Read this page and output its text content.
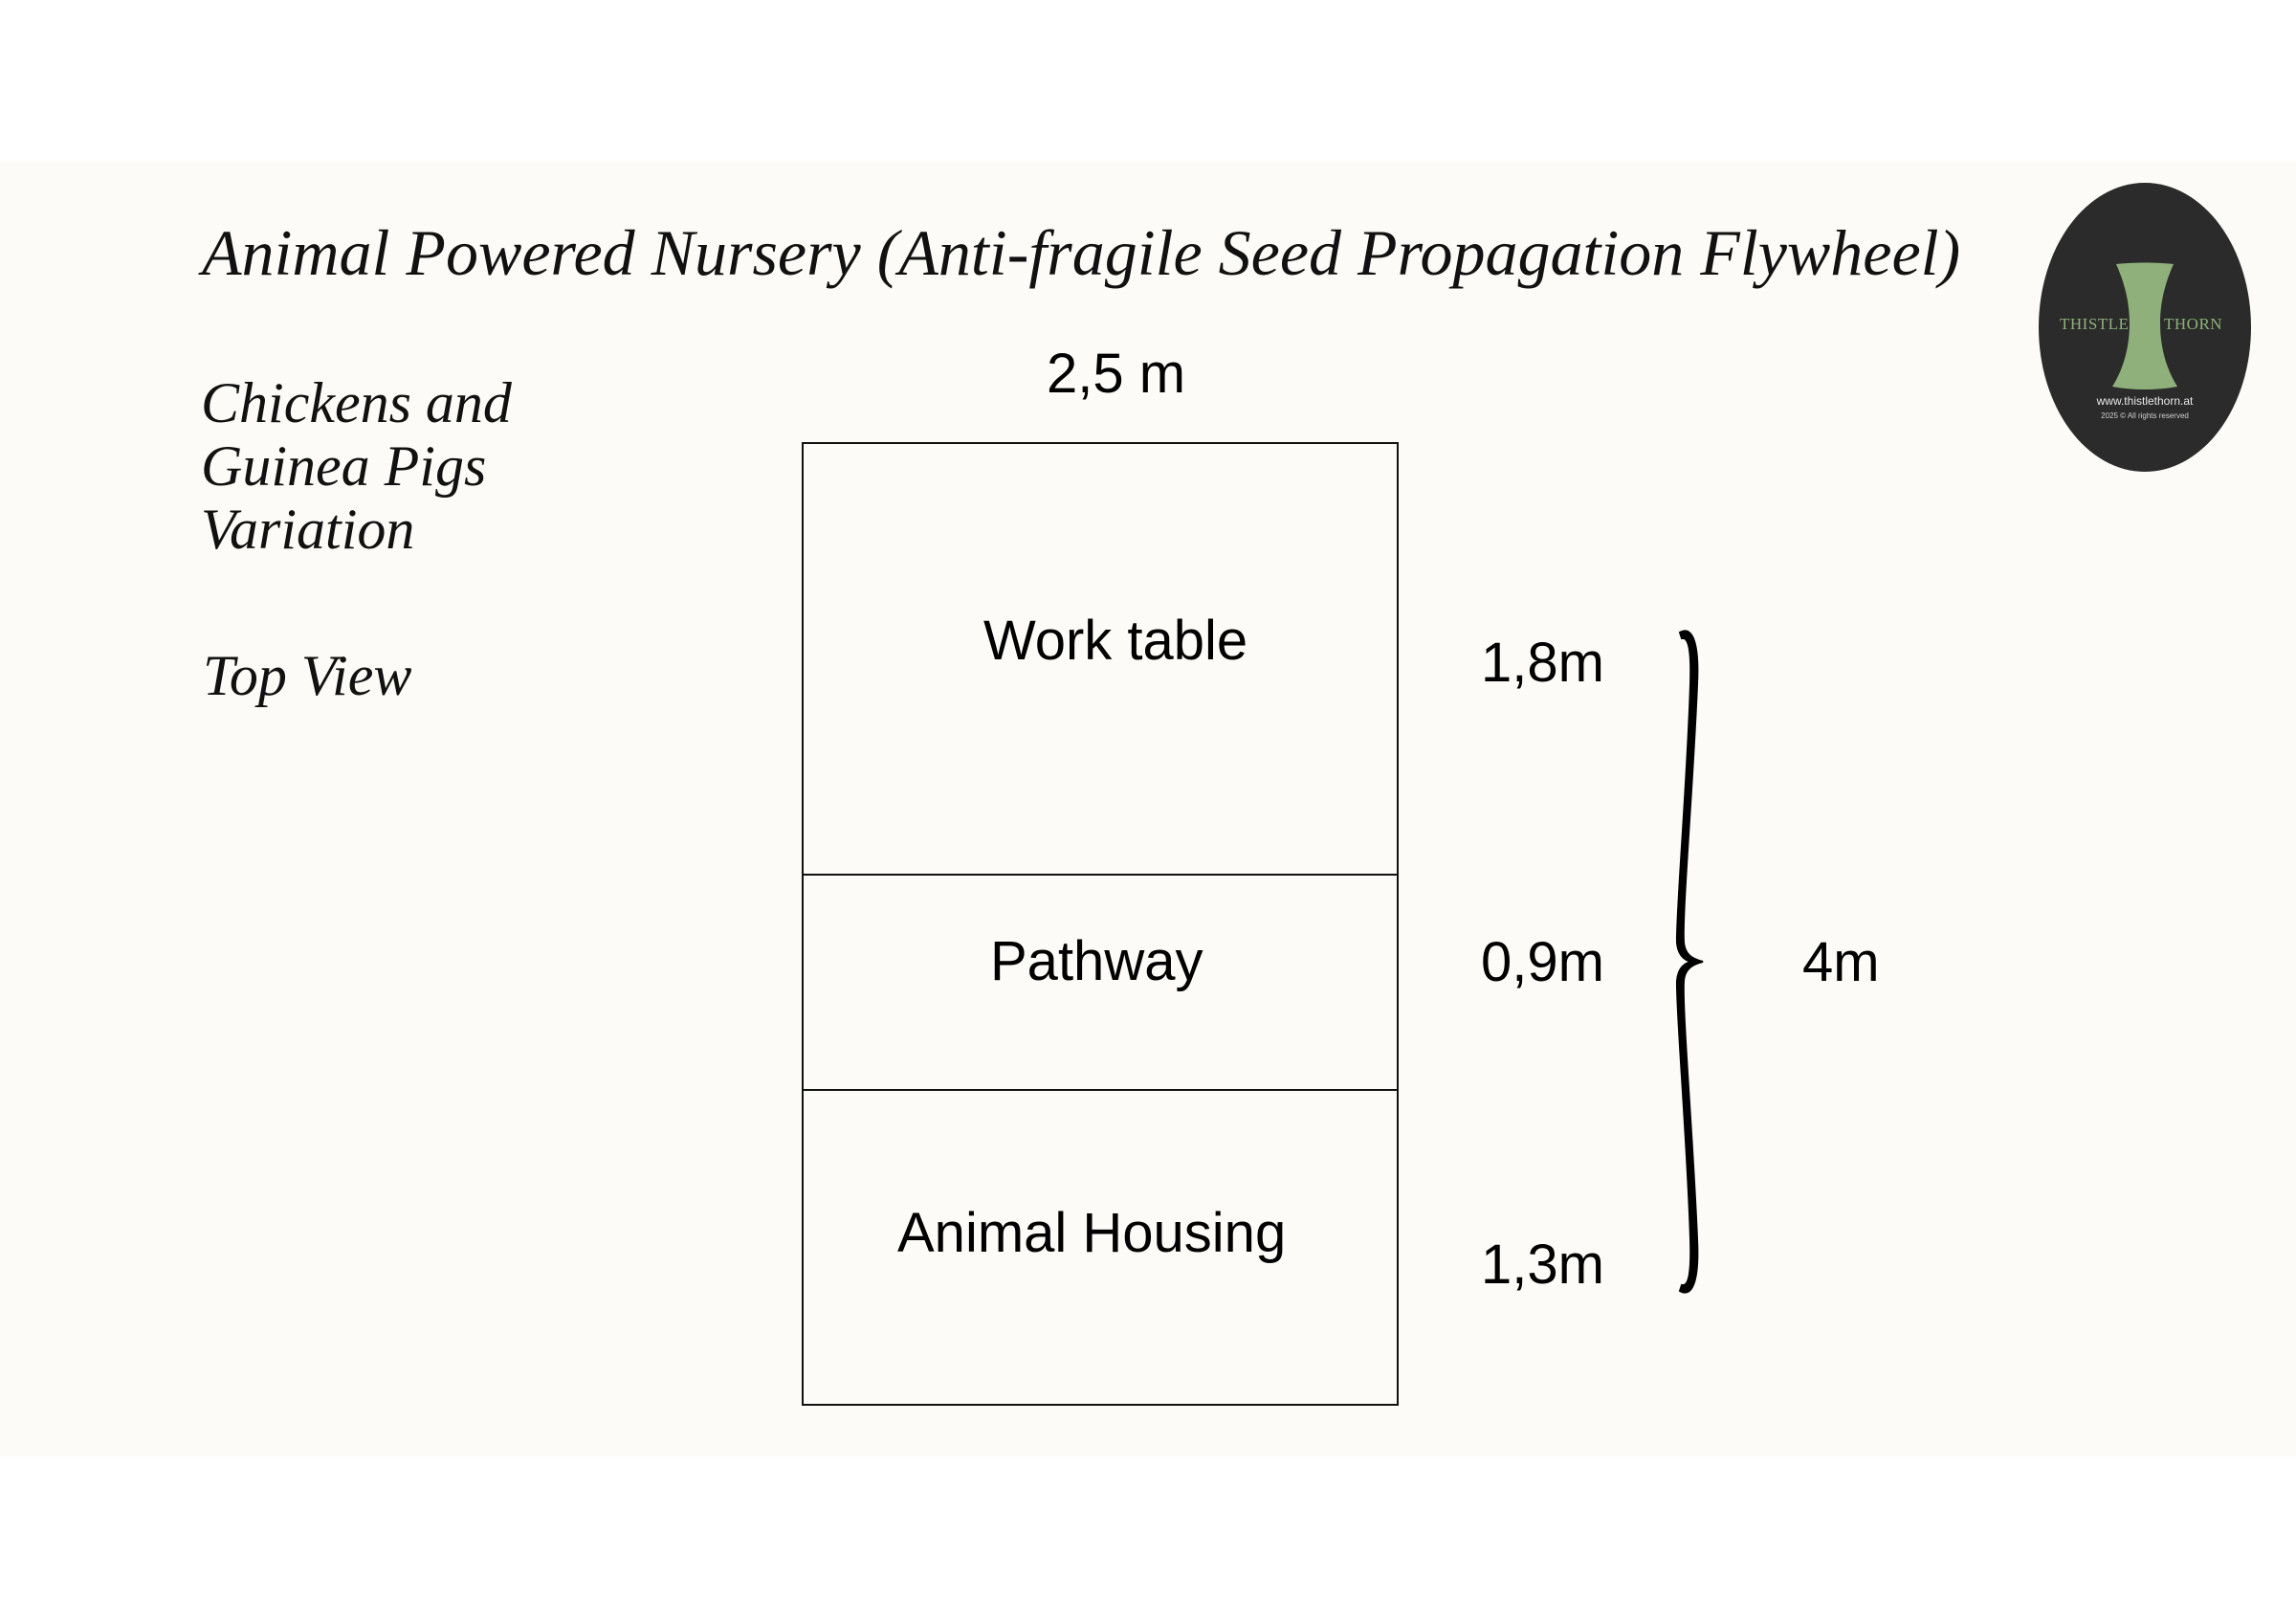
Animal Powered Nursery (Anti-fragile Seed Propagation Flywheel)
Chickens and
Guinea Pigs
Variation
Top View
2,5 m
Work table
Pathway
Animal Housing
1,8m
0,9m
1,3m
4m
THISTLE THORN
www.thistlethorn.at
2025 © All rights reserved
